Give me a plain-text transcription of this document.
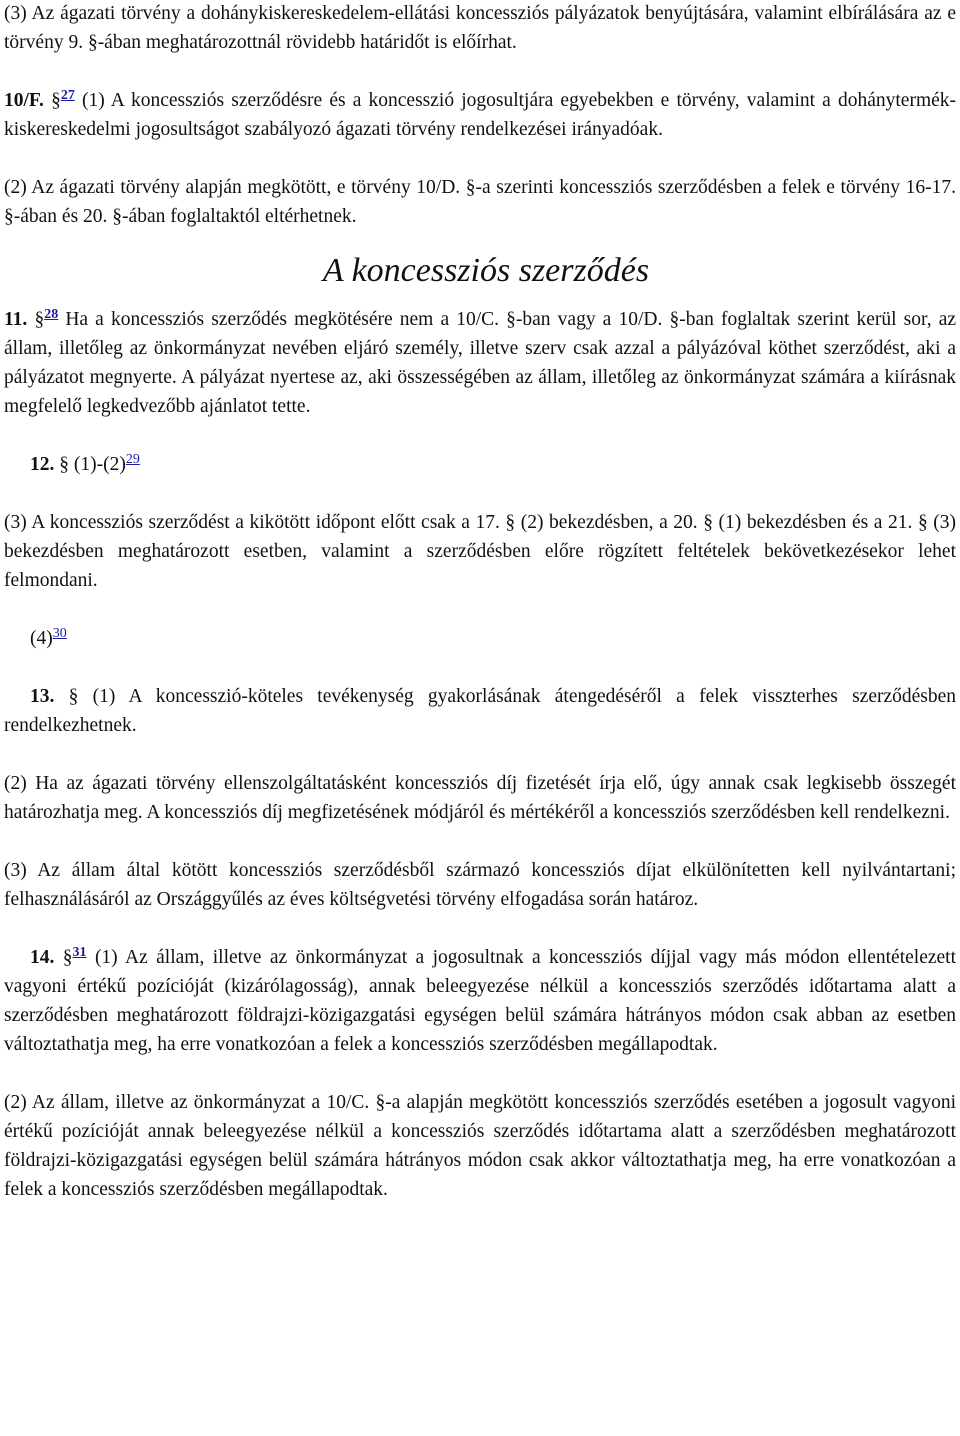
(3) Az ágazati törvény a dohánykiskereskedelem-ellátási koncessziós pályázatok benyújtására, valamint elbírálására az e törvény 9. §-ában meghatározottnál rövidebb határidőt is előírhat.

10/F. §$^{27}$ (1) A koncessziós szerződésre és a koncesszió jogosultjára egyebekben e törvény, valamint a dohánytermék-kiskereskedelmi jogosultságot szabályozó ágazati törvény rendelkezései irányadóak.

(2) Az ágazati törvény alapján megkötött, e törvény 10/D. §-a szerinti koncessziós szerződésben a felek e törvény 16-17. §-ában és 20. §-ában foglaltaktól eltérhetnek.

A koncessziós szerződés

11. §$^{28}$ Ha a koncessziós szerződés megkötésére nem a 10/C. §-ban vagy a 10/D. §-ban foglaltak szerint kerül sor, az állam, illetőleg az önkormányzat nevében eljáró személy, illetve szerv csak azzal a pályázóval köthet szerződést, aki a pályázatot megnyerte. A pályázat nyertese az, aki összességében az állam, illetőleg az önkormányzat számára a kiírásnak megfelelő legkedvezőbb ajánlatot tette.

12. § (1)-(2)$^{29}$

(3) A koncessziós szerződést a kikötött időpont előtt csak a 17. § (2) bekezdésben, a 20. § (1) bekezdésben és a 21. § (3) bekezdésben meghatározott esetben, valamint a szerződésben előre rögzített feltételek bekövetkezésekor lehet felmondani.

(4)$^{30}$

13. § (1) A koncesszió-köteles tevékenység gyakorlásának átengedéséről a felek visszterhes szerződésben rendelkezhetnek.

(2) Ha az ágazati törvény ellenszolgáltatásként koncessziós díj fizetését írja elő, úgy annak csak legkisebb összegét határozhatja meg. A koncessziós díj megfizetésének módjáról és mértékéről a koncessziós szerződésben kell rendelkezni.

(3) Az állam által kötött koncessziós szerződésből származó koncessziós díjat elkülönítetten kell nyilvántartani; felhasználásáról az Országgyűlés az éves költségvetési törvény elfogadása során határoz.

14. §$^{31}$ (1) Az állam, illetve az önkormányzat a jogosultnak a koncessziós díjjal vagy más módon ellentételezett vagyoni értékű pozícióját (kizárólagosság), annak beleegyezése nélkül a koncessziós szerződés időtartama alatt a szerződésben meghatározott földrajzi-közigazgatási egységen belül számára hátrányos módon csak abban az esetben változtathatja meg, ha erre vonatkozóan a felek a koncessziós szerződésben megállapodtak.

(2) Az állam, illetve az önkormányzat a 10/C. §-a alapján megkötött koncessziós szerződés esetében a jogosult vagyoni értékű pozícióját annak beleegyezése nélkül a koncessziós szerződés időtartama alatt a szerződésben meghatározott földrajzi-közigazgatási egységen belül számára hátrányos módon csak akkor változtathatja meg, ha erre vonatkozóan a felek a koncessziós szerződésben megállapodtak.
